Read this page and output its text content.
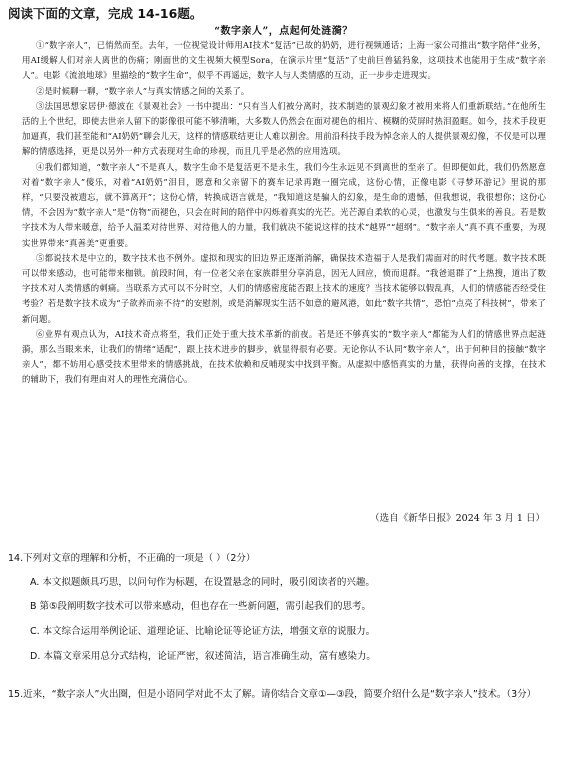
阅读下面的文章，完成 14-16题。
“数字亲人”，点起何处涟漪？

①“数字亲人”，已悄然而至。去年，一位视觉设计师用AI技术“复活”已故的奶奶，进行视频通话；上海一家公司推出“数字陪伴”业务，用AI缓解人们对亲人离世的伤痛；刚面世的文生视频大模型Sora，在演示片里“复活”了史前巨兽猛犸象，这项技术也能用于生成“数字亲人”。电影《流浪地球》里描绘的“数字生命”，似乎不再遥远，数字人与人类情感的互动，正一步步走进现实。

②是时候聊一聊，“数字亲人”与真实情感之间的关系了。

③法国思想家居伊·德波在《景观社会》一书中提出：“只有当人们被分离时，技术制造的景观幻象才被用来将人们重新联结。”在他所生活的上个世纪，即使去世亲人留下的影像很可能不够清晰，大多数人仍然会在面对褪色的相片、模糊的荧屏时热泪盈眶。如今，技术手段更加逼真，我们甚至能和“AI奶奶”聊会儿天，这样的情感联结更让人难以割舍。用前沿科技手段为悼念亲人的人提供景观幻像，不仅是可以理解的情感选择，更是以另外一种方式表现对生命的珍视，而且几乎是必然的应用选项。

④我们都知道，“数字亲人”不是真人，数字生命不是复活更不是永生，我们今生永远见不到离世的至亲了。但即便如此，我们仍然愿意对着“数字亲人”傻乐，对着“AI奶奶”泪目，愿意和父亲留下的赛车记录再跑一圈完成，这份心情，正像电影《寻梦环游记》里说的那样，“只要没被遗忘，就不算离开”；这份心情，转换成语言就是，“我知道这是骗人的幻象，是生命的遗憾，但我想说，我很想你；这份心情，不会因为“数字亲人”是“仿物”而褪色，只会在时间的陪伴中闪烁着真实的光芒。光芒源自柔软的心灵，也激发与生俱来的善良。若是数字技术为人带来暖意，给予人温柔对待世界、对待他人的力量，我们就决不能说这样的技术“越界”“超纲”。“数字亲人”真不真不重要，为现实世界带来“真善美”更重要。

⑤都说技术是中立的，数字技术也不例外。虚拟和现实的旧边界正逐渐消解，确保技术造福于人是我们需面对的时代考题。数字技术既可以带来感动，也可能带来枷锁。前段时间，有一位老父亲在家族群里分享消息，因无人回应，愤而退群。“我爸退群了”上热搜，道出了数字技术对人类情感的刺痛。当联系方式可以不分时空，人们的情感密度能否跟上技术的速度？当技术能够以假乱真，人们的情感能否经受住考验？若是数字技术成为“子欲养而亲不待”的安慰剂，或是消解现实生活不如意的避风港，如此“数字共情”，恐怕“点亮了科技树”，带来了新问题。

⑥业界有观点认为，AI技术奇点将至，我们正处于重大技术革新的前夜。若是还不够真实的“数字亲人”都能为人们的情感世界点起涟漪，那么当眼来来，让我们的情绪“适配”，跟上技术进步的脚步，就显得很有必要。无论你认不认同“数字亲人”，出于何种目的接触“数字亲人”，都不妨用心感受技术里带来的情感挑战，在技术依赖和反哺现实中找到平衡。从虚拟中感悟真实的力量，获得向善的支撑，在技术的辅助下，我们有理由对人的理性充满信心。

（选自《新华日报》2024 年 3 月 1 日）
14.下列对文章的理解和分析，不正确的一项是（ ）（2分）
A. 本文拟题颇具巧思，以问句作为标题，在设置悬念的同时，吸引阅读者的兴趣。
B 第⑤段阐明数字技术可以带来感动，但也存在一些新问题，需引起我们的思考。
C. 本文综合运用举例论证、道理论证、比喻论证等论证方法，增强文章的说服力。
D. 本篇文章采用总分式结构，论证严密，叙述简洁，语言准确生动，富有感染力。
15.近来，“数字亲人”火出圈，但是小语同学对此不太了解。请你结合文章①—③段，简要介绍什么是“数字亲人”技术。（3分）
